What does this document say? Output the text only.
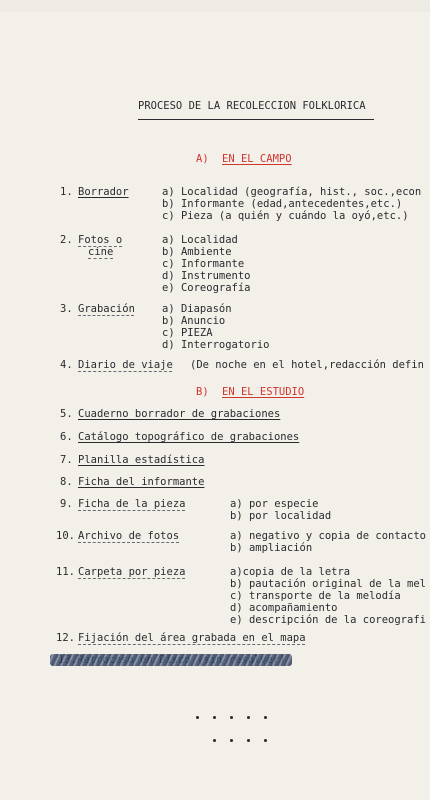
PROCESO DE LA RECOLECCION FOLKLORICA
A) EN EL CAMPO
1. Borrador	a) Localidad (geografía, hist., soc.,econ
b) Informante (edad,antecedentes,etc.)
c) Pieza (a quién y cuándo la oyó,etc.)
2. Fotos o
cine
a) Localidad
b) Ambiente
c) Informante
d) Instrumento
e) Coreografía
3. Grabación	a) Diapasón
b) Anuncio
c) PIEZA
d) Interrogatorio
4. Diario de viaje (De noche en el hotel,redacción defin
B) EN EL ESTUDIO
5. Cuaderno borrador de grabaciones
6. Catálogo topográfico de grabaciones
7. Planilla estadística
8. Ficha del informante
9. Ficha de la pieza	a) por especie
b) por localidad
10. Archivo de fotos	a) negativo y copia de contacto
b) ampliación
11. Carpeta por pieza	a)copia de la letra
b) pautación original de la mel
c) transporte de la melodía
d) acompañamiento
e) descripción de la coreografi
12. Fijación del área grabada en el mapa
